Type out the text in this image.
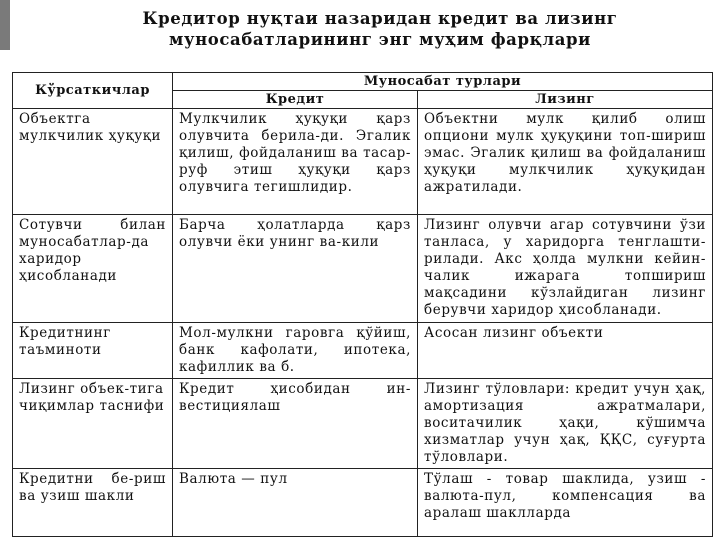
Кредитор нуқтаи назаридан кредит ва лизинг
муносабатларининг энг муҳим фарқлари
Кўрсаткичлар	Муносабат турлари	
	Кредит	Лизинг
Объектга мулкчилик ҳуқуқи	Мулкчилик ҳуқуқи қарз олувчита берила-ди. Эгалик қилиш, фойдаланиш ва тасар-руф этиш ҳуқуқи қарз олувчига тегишлидир.	Объектни мулк қилиб олиш опциони мулк ҳуқуқини топ-шириш эмас. Эгалик қилиш ва фойдаланиш ҳуқуқи мулкчилик ҳуқуқидан ажратилади.
Сотувчи билан муносабатлар-да харидор ҳисобланади	Барча ҳолатларда қарз олувчи ёки унинг ва-кили	Лизинг олувчи агар сотувчини ўзи танласа, у харидорга тенглашти-рилади. Акс ҳолда мулкни кейин-чалик ижарага топшириш мақсадини кўзлайдиган лизинг берувчи харидор ҳисобланади.
Кредитнинг таъминоти	Мол-мулкни гаровга қўйиш, банк кафолати, ипотека, кафиллик ва б.	Асосан лизинг объекти
Лизинг объек-тига чиқимлар таснифи	Кредит ҳисобидан ин-вестициялаш	Лизинг тўловлари: кредит учун ҳақ, амортизация ажратмалари, воситачилик ҳақи, кўшимча хизматлар учун ҳақ, ҚҚС, суғурта тўловлари.
Кредитни бе-риш ва узиш шакли	Валюта — пул	Тўлаш - товар шаклида, узиш - валюта-пул, компенсация ва аралаш шаклларда
